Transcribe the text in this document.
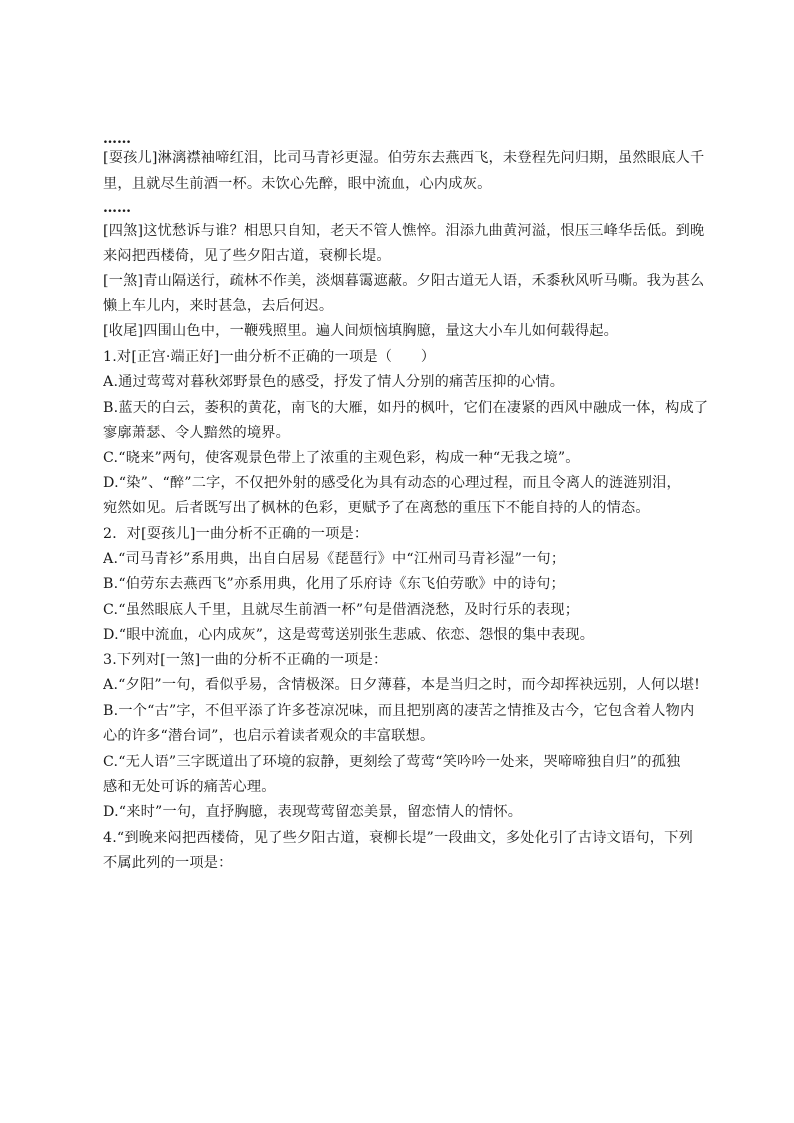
……
[耍孩儿]淋漓襟袖啼红泪，比司马青衫更湿。伯劳东去燕西飞，未登程先问归期，虽然眼底人千
里，且就尽生前酒一杯。未饮心先醉，眼中流血，心内成灰。
……
[四煞]这忧愁诉与谁？相思只自知，老天不管人憔悴。泪添九曲黄河溢，恨压三峰华岳低。到晚
来闷把西楼倚，见了些夕阳古道，衰柳长堤。
[一煞]青山隔送行，疏林不作美，淡烟暮霭遮蔽。夕阳古道无人语，禾黍秋风听马嘶。我为甚么
懒上车儿内，来时甚急，去后何迟。
[收尾]四围山色中，一鞭残照里。遍人间烦恼填胸臆，量这大小车儿如何载得起。
1.对[正宫·端正好]一曲分析不正确的一项是（　　）
A.通过莺莺对暮秋郊野景色的感受，抒发了情人分别的痛苦压抑的心情。
B.蓝天的白云，萎积的黄花，南飞的大雁，如丹的枫叶，它们在凄紧的西风中融成一体，构成了
寥廓萧瑟、令人黯然的境界。
C.“晓来”两句，使客观景色带上了浓重的主观色彩，构成一种“无我之境”。
D.“染”、“醉”二字，不仅把外射的感受化为具有动态的心理过程，而且令离人的涟涟别泪，
宛然如见。后者既写出了枫林的色彩，更赋予了在离愁的重压下不能自持的人的情态。
2．对[耍孩儿]一曲分析不正确的一项是：
A.“司马青衫”系用典，出自白居易《琵琶行》中“江州司马青衫湿”一句；
B.“伯劳东去燕西飞”亦系用典，化用了乐府诗《东飞伯劳歌》中的诗句；
C.“虽然眼底人千里，且就尽生前酒一杯”句是借酒浇愁，及时行乐的表现；
D.“眼中流血，心内成灰”，这是莺莺送别张生悲戚、依恋、怨恨的集中表现。
3.下列对[一煞]一曲的分析不正确的一项是：
A.“夕阳”一句，看似乎易，含情极深。日夕薄暮，本是当归之时，而今却挥袂远别，人何以堪!
B.一个“古”字，不但平添了许多苍凉况味，而且把别离的凄苦之情推及古今，它包含着人物内
心的许多“潜台词”，也启示着读者观众的丰富联想。
C.“无人语”三字既道出了环境的寂静，更刻绘了莺莺“笑吟吟一处来，哭啼啼独自归”的孤独
感和无处可诉的痛苦心理。
D.“来时”一句，直抒胸臆，表现莺莺留恋美景，留恋情人的情怀。
4.“到晚来闷把西楼倚，见了些夕阳古道，衰柳长堤”一段曲文，多处化引了古诗文语句，下列
不属此列的一项是：
